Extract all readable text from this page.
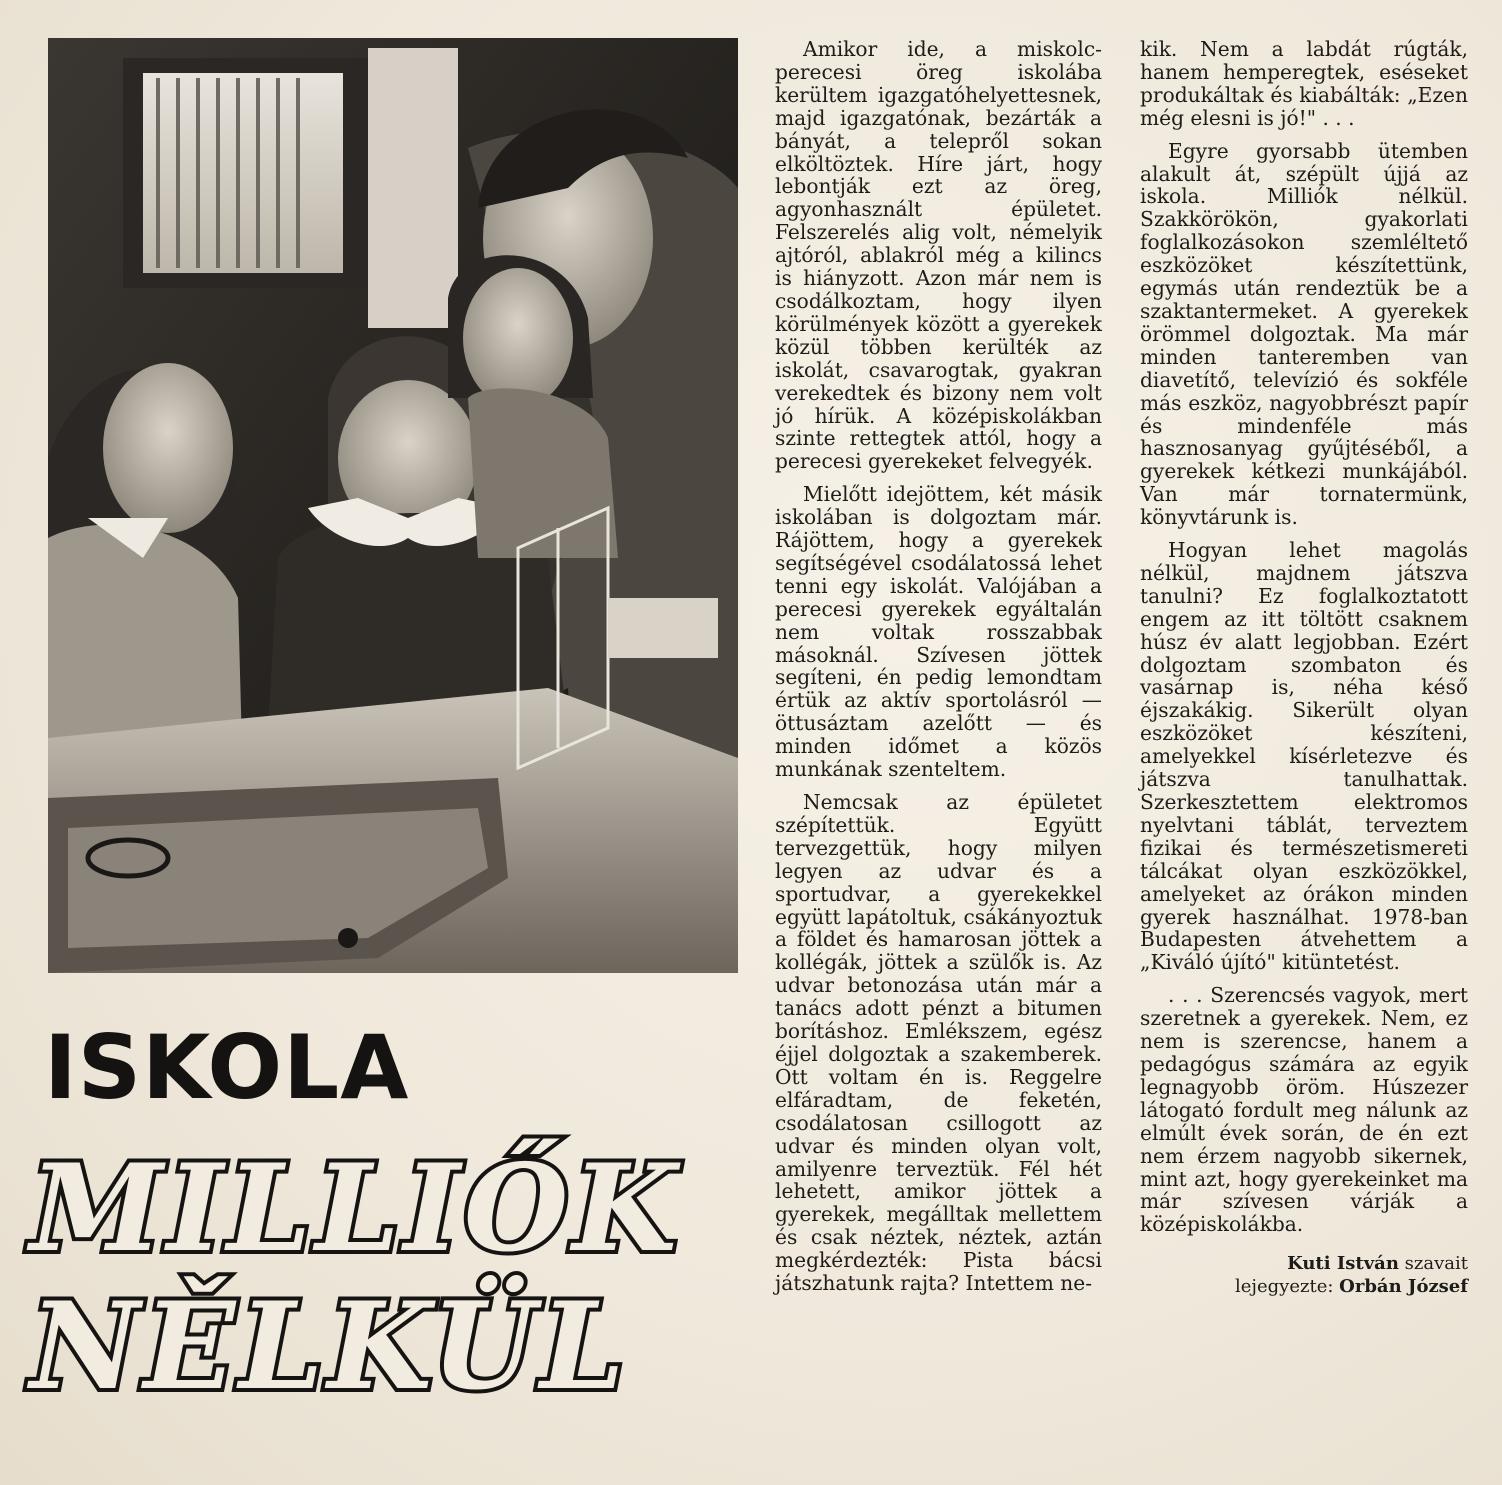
ISKOLA
MILLIŐK
NĚLKÜL

Amikor ide, a miskolc-perecesi öreg iskolába kerültem igazgatóhelyettesnek, majd igazgatónak, bezárták a bányát, a telepről sokan elköltöztek. Híre járt, hogy lebontják ezt az öreg, agyonhasznált épületet. Felszerelés alig volt, némelyik ajtóról, ablakról még a kilincs is hiányzott. Azon már nem is csodálkoztam, hogy ilyen körülmények között a gyerekek közül többen kerülték az iskolát, csavarogtak, gyakran verekedtek és bizony nem volt jó hírük. A középiskolákban szinte rettegtek attól, hogy a perecesi gyerekeket felvegyék.

Mielőtt idejöttem, két másik iskolában is dolgoztam már. Rájöttem, hogy a gyerekek segítségével csodálatossá lehet tenni egy iskolát. Valójában a perecesi gyerekek egyáltalán nem voltak rosszabbak másoknál. Szívesen jöttek segíteni, én pedig lemondtam értük az aktív sportolásról — öttusáztam azelőtt — és minden időmet a közös munkának szenteltem.

Nemcsak az épületet szépítettük. Együtt tervezgettük, hogy milyen legyen az udvar és a sportudvar, a gyerekekkel együtt lapátoltuk, csákányoztuk a földet és hamarosan jöttek a kollégák, jöttek a szülők is. Az udvar betonozása után már a tanács adott pénzt a bitumen borításhoz. Emlékszem, egész éjjel dolgoztak a szakemberek. Ott voltam én is. Reggelre elfáradtam, de feketén, csodálatosan csillogott az udvar és minden olyan volt, amilyenre terveztük. Fél hét lehetett, amikor jöttek a gyerekek, megálltak mellettem és csak néztek, néztek, aztán megkérdezték: Pista bácsi játszhatunk rajta? Intettem ne-

kik. Nem a labdát rúgták, hanem hemperegtek, eséseket produkáltak és kiabálták: „Ezen még elesni is jó!" . . .

Egyre gyorsabb ütemben alakult át, szépült újjá az iskola. Milliók nélkül. Szakkörökön, gyakorlati foglalkozásokon szemléltető eszközöket készítettünk, egymás után rendeztük be a szaktantermeket. A gyerekek örömmel dolgoztak. Ma már minden tanteremben van diavetítő, televízió és sokféle más eszköz, nagyobbrészt papír és mindenféle más hasznosanyag gyűjtéséből, a gyerekek kétkezi munkájából. Van már tornatermünk, könyvtárunk is.

Hogyan lehet magolás nélkül, majdnem játszva tanulni? Ez foglalkoztatott engem az itt töltött csaknem húsz év alatt legjobban. Ezért dolgoztam szombaton és vasárnap is, néha késő éjszakákig. Sikerült olyan eszközöket készíteni, amelyekkel kísérletezve és játszva tanulhattak. Szerkesztettem elektromos nyelvtani táblát, terveztem fizikai és természetismereti tálcákat olyan eszközökkel, amelyeket az órákon minden gyerek használhat. 1978-ban Budapesten átvehettem a „Kiváló újító" kitüntetést.

. . . Szerencsés vagyok, mert szeretnek a gyerekek. Nem, ez nem is szerencse, hanem a pedagógus számára az egyik legnagyobb öröm. Húszezer látogató fordult meg nálunk az elmúlt évek során, de én ezt nem érzem nagyobb sikernek, mint azt, hogy gyerekeinket ma már szívesen várják a középiskolákba.

Kuti István szavait
lejegyezte: Orbán József
